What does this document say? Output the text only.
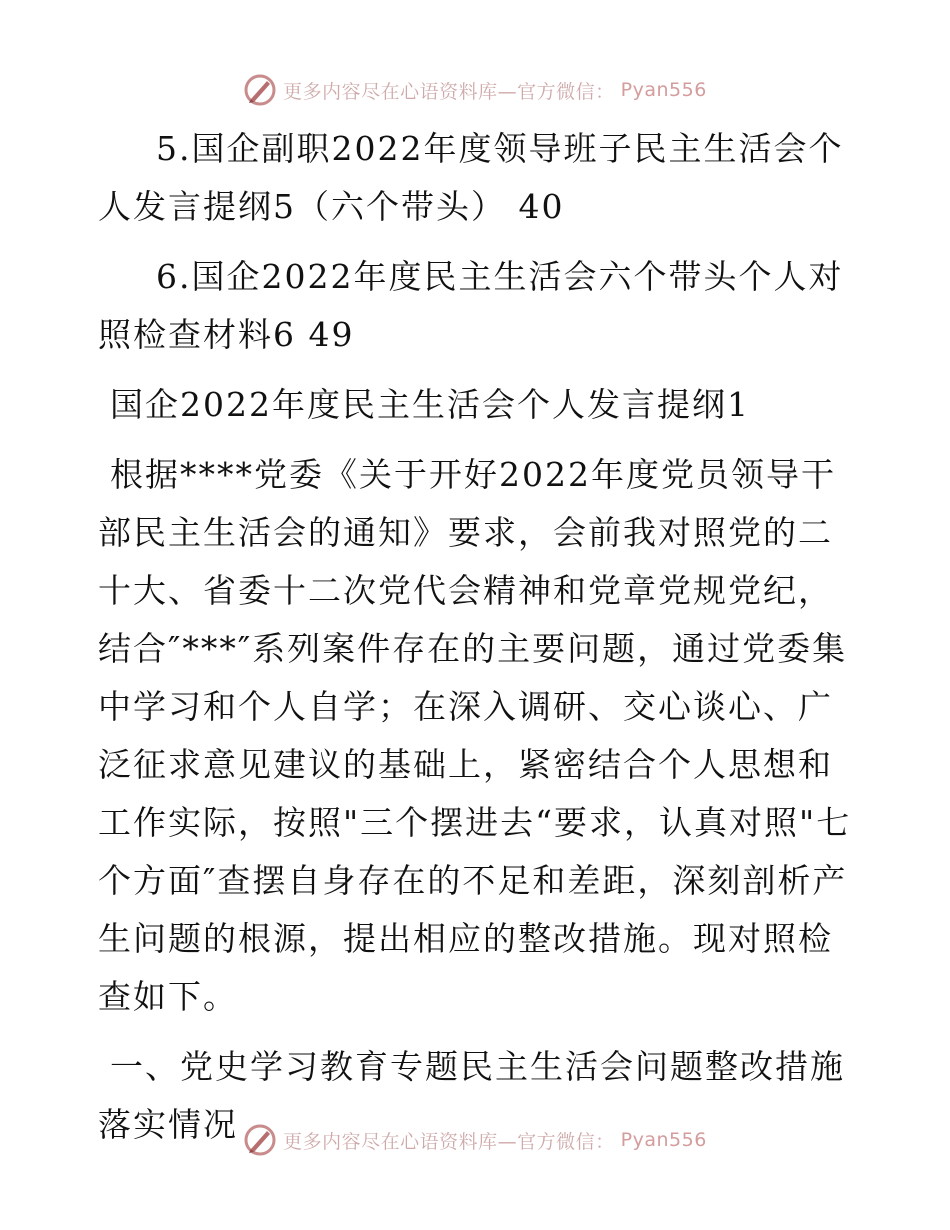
更多内容尽在心语资料库—官方微信： Pyan556

5.国企副职2022年度领导班子民主生活会个人发言提纲5（六个带头） 40

6.国企2022年度民主生活会六个带头个人对照检查材料6 49

国企2022年度民主生活会个人发言提纲1

根据****党委《关于开好2022年度党员领导干部民主生活会的通知》要求，会前我对照党的二十大、省委十二次党代会精神和党章党规党纪，结合″***″系列案件存在的主要问题，通过党委集中学习和个人自学；在深入调研、交心谈心、广泛征求意见建议的基础上，紧密结合个人思想和工作实际，按照"三个摆进去“要求，认真对照"七个方面″查摆自身存在的不足和差距，深刻剖析产生问题的根源，提出相应的整改措施。现对照检查如下。

一、党史学习教育专题民主生活会问题整改措施落实情况	更多内容尽在心语资料库—官方微信： Pyan556
